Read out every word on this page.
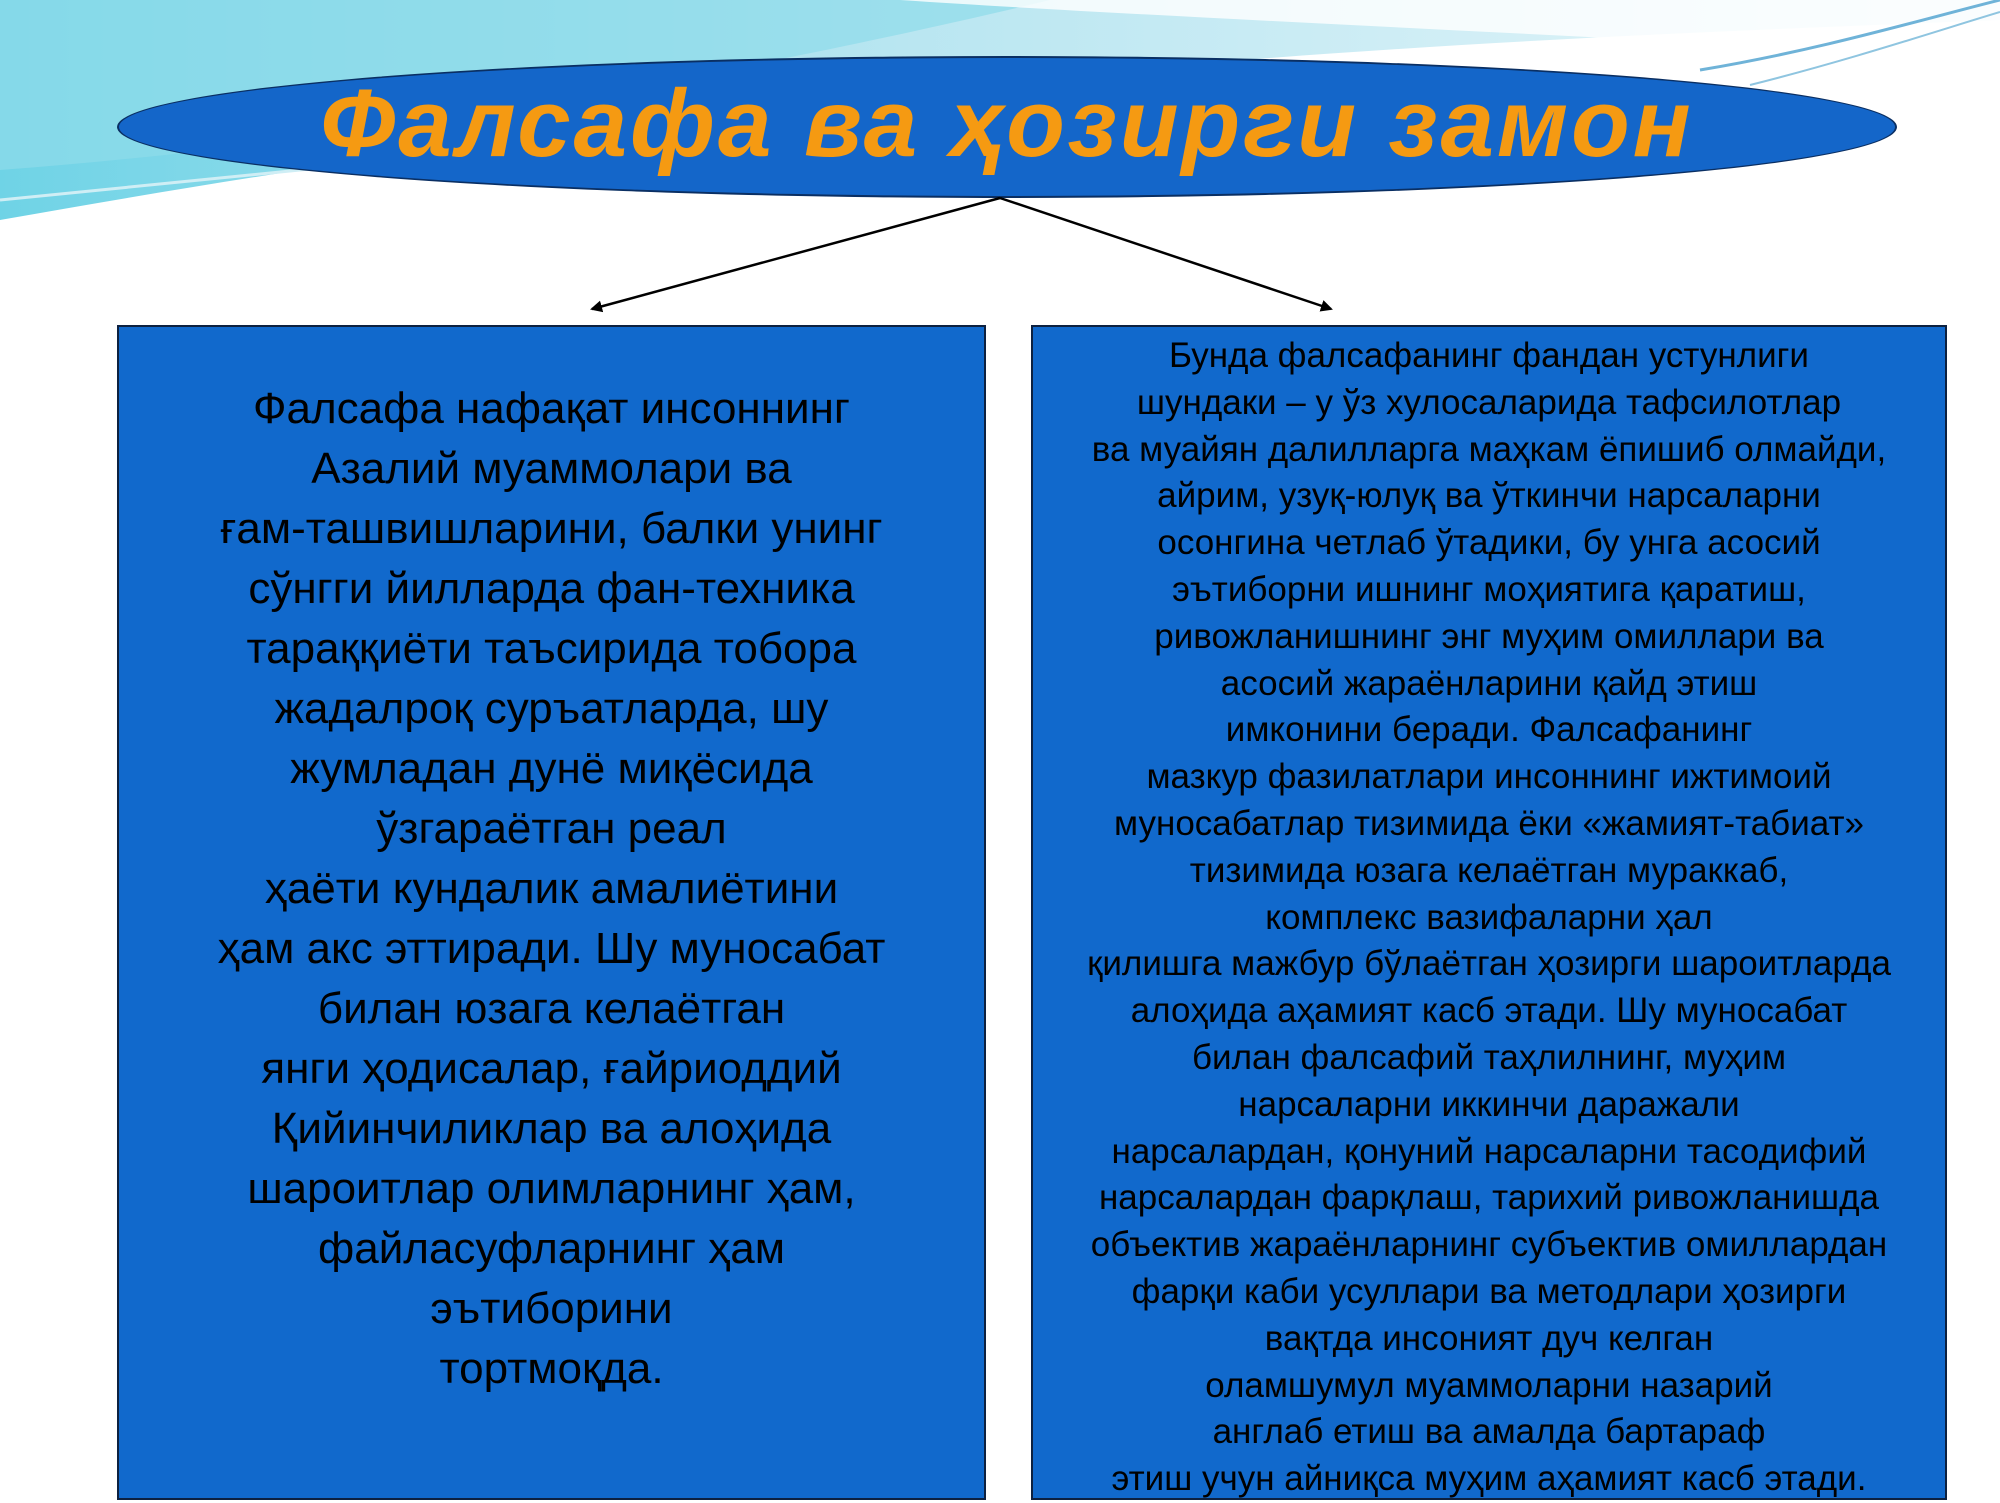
Фалсафа ва ҳозирги замон
Фалсафа нафақат инсоннинг
Азалий муаммолари ва
ғам-ташвишларини, балки унинг
сўнгги йилларда фан-техника
тараққиёти таъсирида тобора
жадалроқ суръатларда, шу
жумладан дунё миқёсида
ўзгараётган реал
ҳаёти кундалик амалиётини
ҳам акс эттиради. Шу муносабат
билан юзага келаётган
янги ҳодисалар, ғайриоддий
Қийинчиликлар ва алоҳида
шароитлар олимларнинг ҳам,
файласуфларнинг ҳам
эътиборини
тортмоқда.
Бунда фалсафанинг фандан устунлиги
шундаки – у ўз хулосаларида тафсилотлар
ва муайян далилларга маҳкам ёпишиб олмайди,
айрим, узуқ-юлуқ ва ўткинчи нарсаларни
осонгина четлаб ўтадики, бу унга асосий
эътиборни ишнинг моҳиятига қаратиш,
ривожланишнинг энг муҳим омиллари ва
асосий жараёнларини қайд этиш
имконини беради. Фалсафанинг
мазкур фазилатлари инсоннинг ижтимоий
муносабатлар тизимида ёки «жамият-табиат»
тизимида юзага келаётган мураккаб,
комплекс вазифаларни ҳал
қилишга мажбур бўлаётган ҳозирги шароитларда
алоҳида аҳамият касб этади. Шу муносабат
билан фалсафий таҳлилнинг, муҳим
нарсаларни иккинчи даражали
нарсалардан, қонуний нарсаларни тасодифий
нарсалардан фарқлаш, тарихий ривожланишда
объектив жараёнларнинг субъектив омиллардан
фарқи каби усуллари ва методлари ҳозирги
вақтда инсоният дуч келган
оламшумул муаммоларни назарий
англаб етиш ва амалда бартараф
этиш учун айниқса муҳим аҳамият касб этади.
